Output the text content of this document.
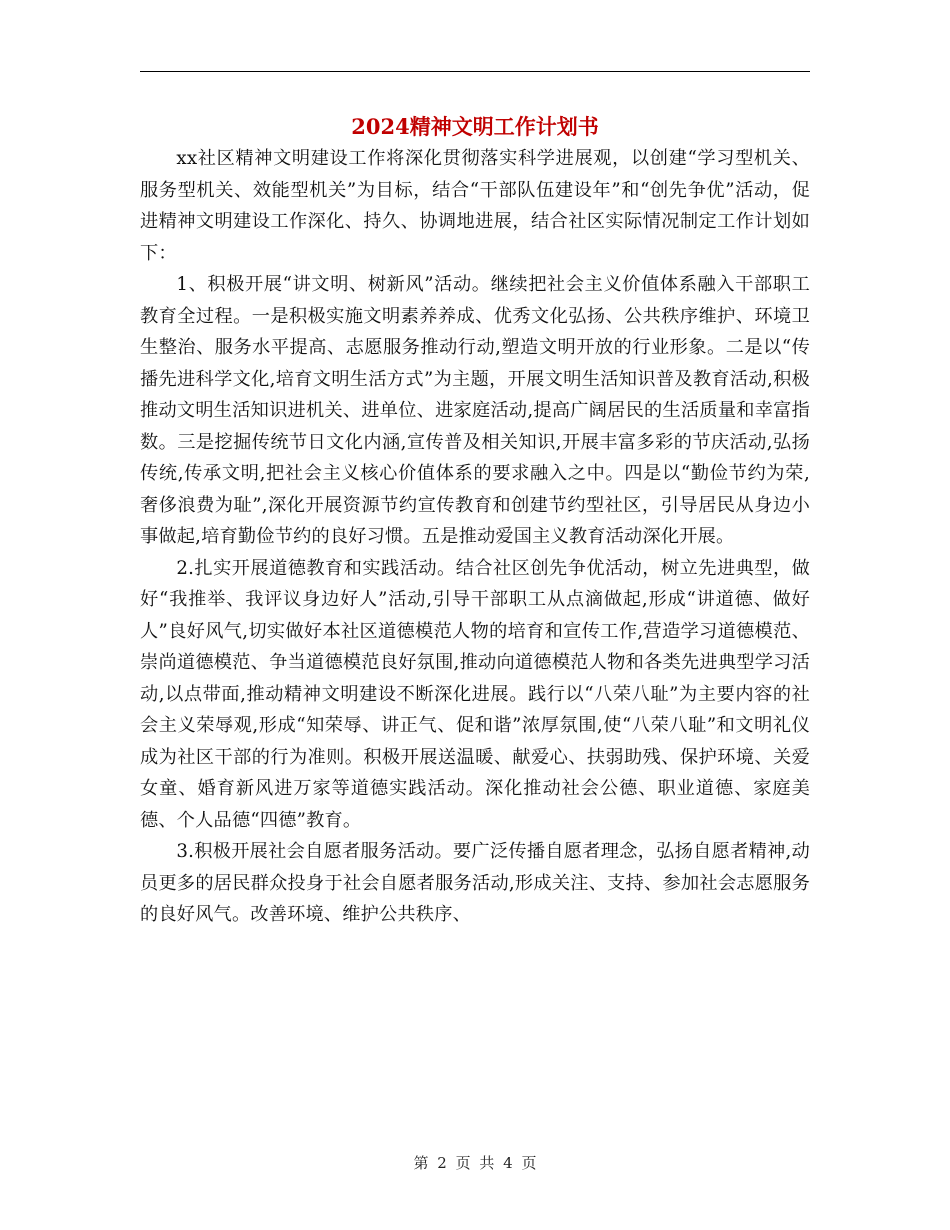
2024精神文明工作计划书

xx社区精神文明建设工作将深化贯彻落实科学进展观，以创建“学习型机关、服务型机关、效能型机关”为目标，结合“干部队伍建设年”和“创先争优”活动，促进精神文明建设工作深化、持久、协调地进展，结合社区实际情况制定工作计划如下：

1、积极开展“讲文明、树新风”活动。继续把社会主义价值体系融入干部职工教育全过程。一是积极实施文明素养养成、优秀文化弘扬、公共秩序维护、环境卫生整治、服务水平提高、志愿服务推动行动,塑造文明开放的行业形象。二是以“传播先进科学文化,培育文明生活方式”为主题，开展文明生活知识普及教育活动,积极推动文明生活知识进机关、进单位、进家庭活动,提高广阔居民的生活质量和幸富指数。三是挖掘传统节日文化内涵,宣传普及相关知识,开展丰富多彩的节庆活动,弘扬传统,传承文明,把社会主义核心价值体系的要求融入之中。四是以“勤俭节约为荣,奢侈浪费为耻”,深化开展资源节约宣传教育和创建节约型社区，引导居民从身边小事做起,培育勤俭节约的良好习惯。五是推动爱国主义教育活动深化开展。

2.扎实开展道德教育和实践活动。结合社区创先争优活动，树立先进典型，做好“我推举、我评议身边好人”活动,引导干部职工从点滴做起,形成“讲道德、做好人”良好风气,切实做好本社区道德模范人物的培育和宣传工作,营造学习道德模范、崇尚道德模范、争当道德模范良好氛围,推动向道德模范人物和各类先进典型学习活动,以点带面,推动精神文明建设不断深化进展。践行以“八荣八耻”为主要内容的社会主义荣辱观,形成“知荣辱、讲正气、促和谐”浓厚氛围,使“八荣八耻”和文明礼仪成为社区干部的行为准则。积极开展送温暖、献爱心、扶弱助残、保护环境、关爱女童、婚育新风进万家等道德实践活动。深化推动社会公德、职业道德、家庭美德、个人品德“四德”教育。

3.积极开展社会自愿者服务活动。要广泛传播自愿者理念，弘扬自愿者精神,动员更多的居民群众投身于社会自愿者服务活动,形成关注、支持、参加社会志愿服务的良好风气。改善环境、维护公共秩序、

第 2 页 共 4 页
